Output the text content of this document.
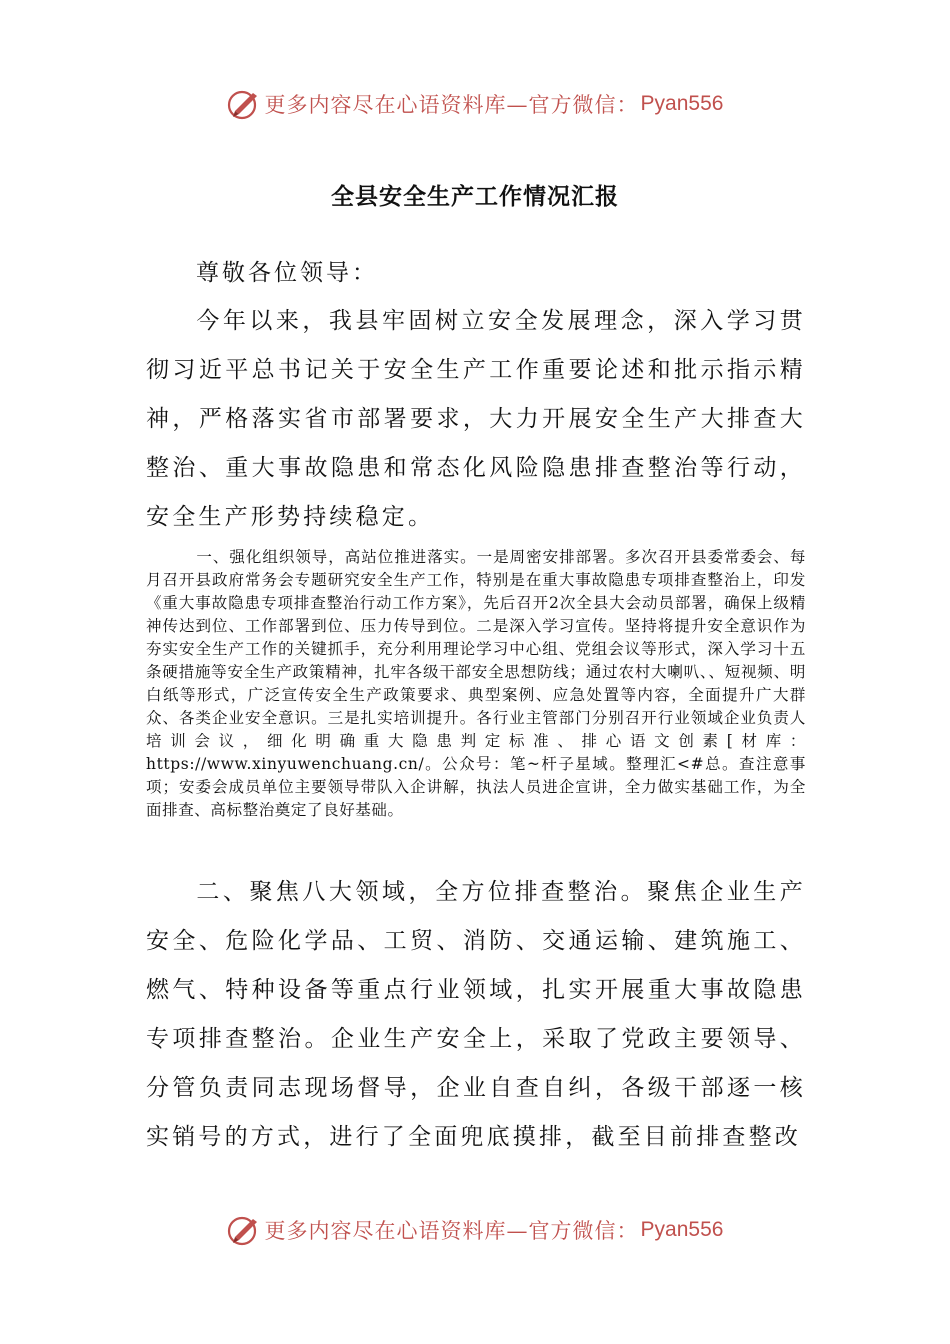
更多内容尽在心语资料库—官方微信： Pyan556
全县安全生产工作情况汇报
尊敬各位领导：

今年以来，我县牢固树立安全发展理念，深入学习贯彻习近平总书记关于安全生产工作重要论述和批示指示精神，严格落实省市部署要求，大力开展安全生产大排查大整治、重大事故隐患和常态化风险隐患排查整治等行动，安全生产形势持续稳定。

一、强化组织领导，高站位推进落实。一是周密安排部署。多次召开县委常委会、每月召开县政府常务会专题研究安全生产工作，特别是在重大事故隐患专项排查整治上，印发《重大事故隐患专项排查整治行动工作方案》，先后召开2次全县大会动员部署，确保上级精神传达到位、工作部署到位、压力传导到位。二是深入学习宣传。坚持将提升安全意识作为夯实安全生产工作的关键抓手，充分利用理论学习中心组、党组会议等形式，深入学习十五条硬措施等安全生产政策精神，扎牢各级干部安全思想防线；通过农村大喇叭、、短视频、明白纸等形式，广泛宣传安全生产政策要求、典型案例、应急处置等内容，全面提升广大群众、各类企业安全意识。三是扎实培训提升。各行业主管部门分别召开行业领域企业负责人培训会议，细化明确重大隐患判定标准、排心语文创素[材库：https://www.xinyuwenchuang.cn/。公众号：笔~杆子星域。整理汇<#总。查注意事项；安委会成员单位主要领导带队入企讲解，执法人员进企宣讲，全力做实基础工作，为全面排查、高标整治奠定了良好基础。

二、聚焦八大领域，全方位排查整治。聚焦企业生产安全、危险化学品、工贸、消防、交通运输、建筑施工、燃气、特种设备等重点行业领域，扎实开展重大事故隐患专项排查整治。企业生产安全上，采取了党政主要领导、分管负责同志现场督导，企业自查自纠，各级干部逐一核实销号的方式，进行了全面兜底摸排，截至目前排查整改

更多内容尽在心语资料库—官方微信： Pyan556
